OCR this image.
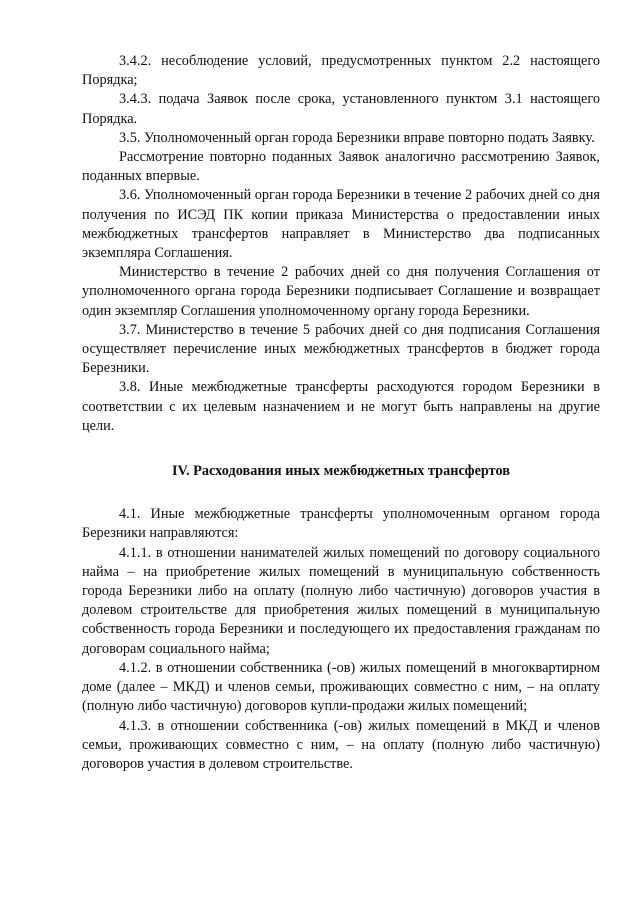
3.4.2. несоблюдение условий, предусмотренных пунктом 2.2 настоящего Порядка;

3.4.3. подача Заявок после срока, установленного пунктом 3.1 настоящего Порядка.

3.5. Уполномоченный орган города Березники вправе повторно подать Заявку.

Рассмотрение повторно поданных Заявок аналогично рассмотрению Заявок, поданных впервые.

3.6. Уполномоченный орган города Березники в течение 2 рабочих дней со дня получения по ИСЭД ПК копии приказа Министерства о предоставлении иных межбюджетных трансфертов направляет в Министерство два подписанных экземпляра Соглашения.

Министерство в течение 2 рабочих дней со дня получения Соглашения от уполномоченного органа города Березники подписывает Соглашение и возвращает один экземпляр Соглашения уполномоченному органу города Березники.

3.7. Министерство в течение 5 рабочих дней со дня подписания Соглашения осуществляет перечисление иных межбюджетных трансфертов в бюджет города Березники.

3.8. Иные межбюджетные трансферты расходуются городом Березники в соответствии с их целевым назначением и не могут быть направлены на другие цели.

IV. Расходования иных межбюджетных трансфертов

4.1. Иные межбюджетные трансферты уполномоченным органом города Березники направляются:

4.1.1. в отношении нанимателей жилых помещений по договору социального найма – на приобретение жилых помещений в муниципальную собственность города Березники либо на оплату (полную либо частичную) договоров участия в долевом строительстве для приобретения жилых помещений в муниципальную собственность города Березники и последующего их предоставления гражданам по договорам социального найма;

4.1.2. в отношении собственника (-ов) жилых помещений в многоквартирном доме (далее – МКД) и членов семьи, проживающих совместно с ним, – на оплату (полную либо частичную) договоров купли-продажи жилых помещений;

4.1.3. в отношении собственника (-ов) жилых помещений в МКД и членов семьи, проживающих совместно с ним, – на оплату (полную либо частичную) договоров участия в долевом строительстве.
